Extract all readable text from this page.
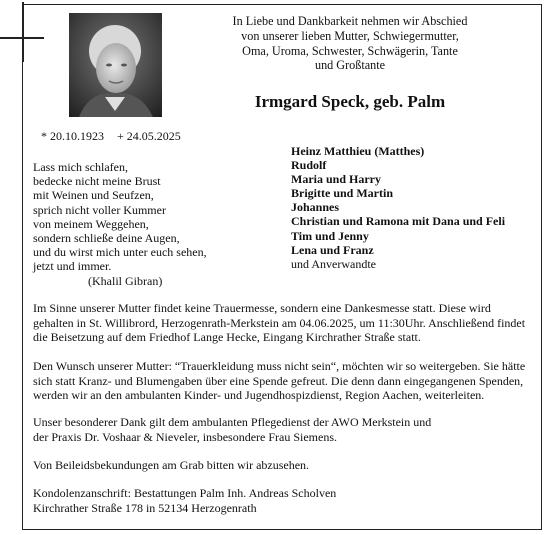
In Liebe und Dankbarkeit nehmen wir Abschied
von unserer lieben Mutter, Schwiegermutter,
Oma, Uroma, Schwester, Schwägerin, Tante
und Großtante
Irmgard Speck, geb. Palm
* 20.10.1923 + 24.05.2025
Lass mich schlafen,
bedecke nicht meine Brust
mit Weinen und Seufzen,
sprich nicht voller Kummer
von meinem Weggehen,
sondern schließe deine Augen,
und du wirst mich unter euch sehen,
jetzt und immer.
(Khalil Gibran)
Heinz Matthieu (Matthes)
Rudolf
Maria und Harry
Brigitte und Martin
Johannes
Christian und Ramona mit Dana und Feli
Tim und Jenny
Lena und Franz
und Anverwandte
Im Sinne unserer Mutter findet keine Trauermesse, sondern eine Dankesmesse statt. Diese wird
gehalten in St. Willibrord, Herzogenrath-Merkstein am 04.06.2025, um 11:30Uhr. Anschließend findet
die Beisetzung auf dem Friedhof Lange Hecke, Eingang Kirchrather Straße statt.
Den Wunsch unserer Mutter: “Trauerkleidung muss nicht sein“, möchten wir so weitergeben. Sie hätte
sich statt Kranz- und Blumengaben über eine Spende gefreut. Die denn dann eingegangenen Spenden,
werden wir an den ambulanten Kinder- und Jugendhospizdienst, Region Aachen, weiterleiten.
Unser besonderer Dank gilt dem ambulanten Pflegedienst der AWO Merkstein und
der Praxis Dr. Voshaar & Nieveler, insbesondere Frau Siemens.
Von Beileidsbekundungen am Grab bitten wir abzusehen.
Kondolenzanschrift: Bestattungen Palm Inh. Andreas Scholven
Kirchrather Straße 178 in 52134 Herzogenrath
